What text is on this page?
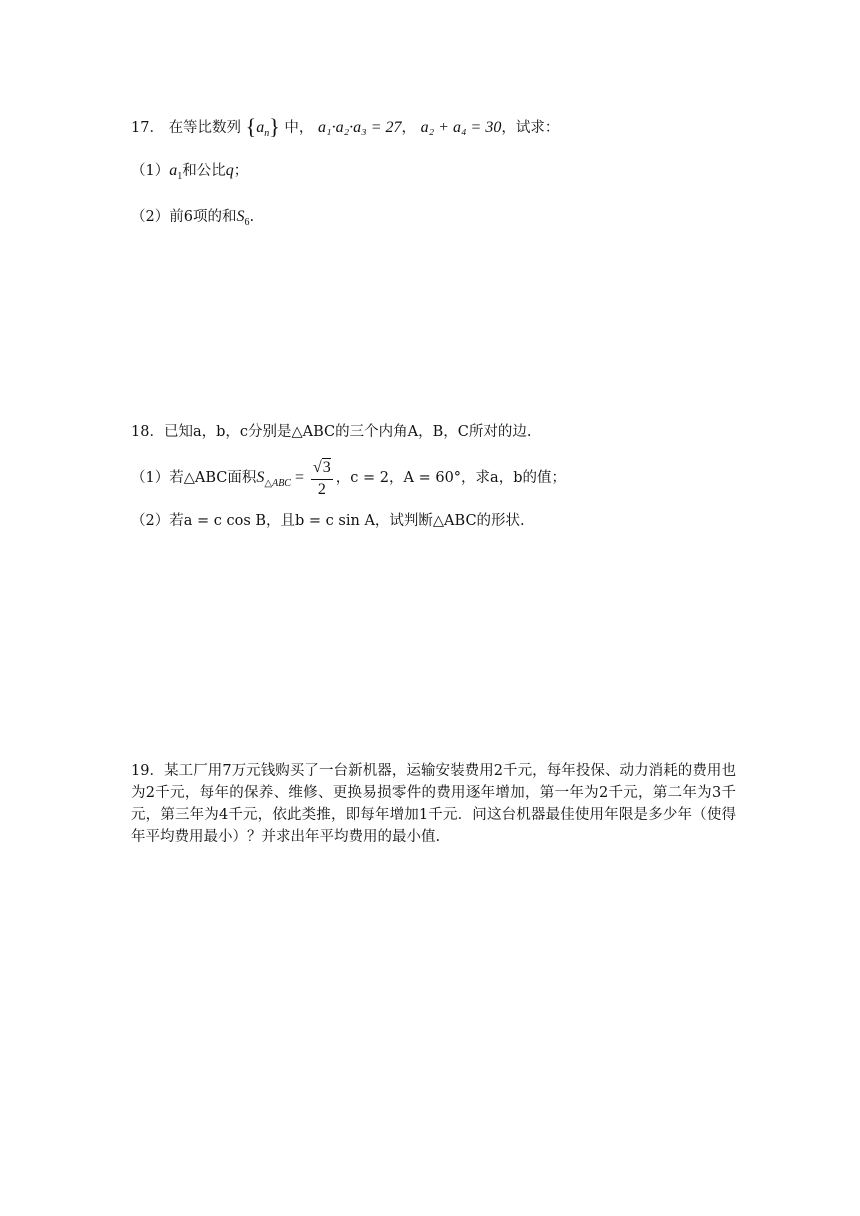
17． 在等比数列 $\{a_n\}$ 中， a₁·a₂·a₃ = 27， a₂ + a₄ = 30，试求：
$(1)a_1$和公比q；
（2）前6项的和$S_6$.
18．已知a，b，c分别是△ABC的三个内角A，B，C所对的边.
（1）若△ABC面积$S_{\triangle ABC} = \frac{√3}{2}$ ，c = 2，A = 60°，求a，b的值；
（2）若a = c cos B，且b = c sin A，试判断△ABC的形状.
19．某工厂用7万元钱购买了一台新机器，运输安装费用2千元，每年投保、动力消耗的费用也为2千元，每年的保养、维修、更换易损零件的费用逐年增加，第一年为2千元，第二年为3千元，第三年为4千元，依此类推，即每年增加1千元．问这台机器最佳使用年限是多少年（使得年平均费用最小）？并求出年平均费用的最小值.
